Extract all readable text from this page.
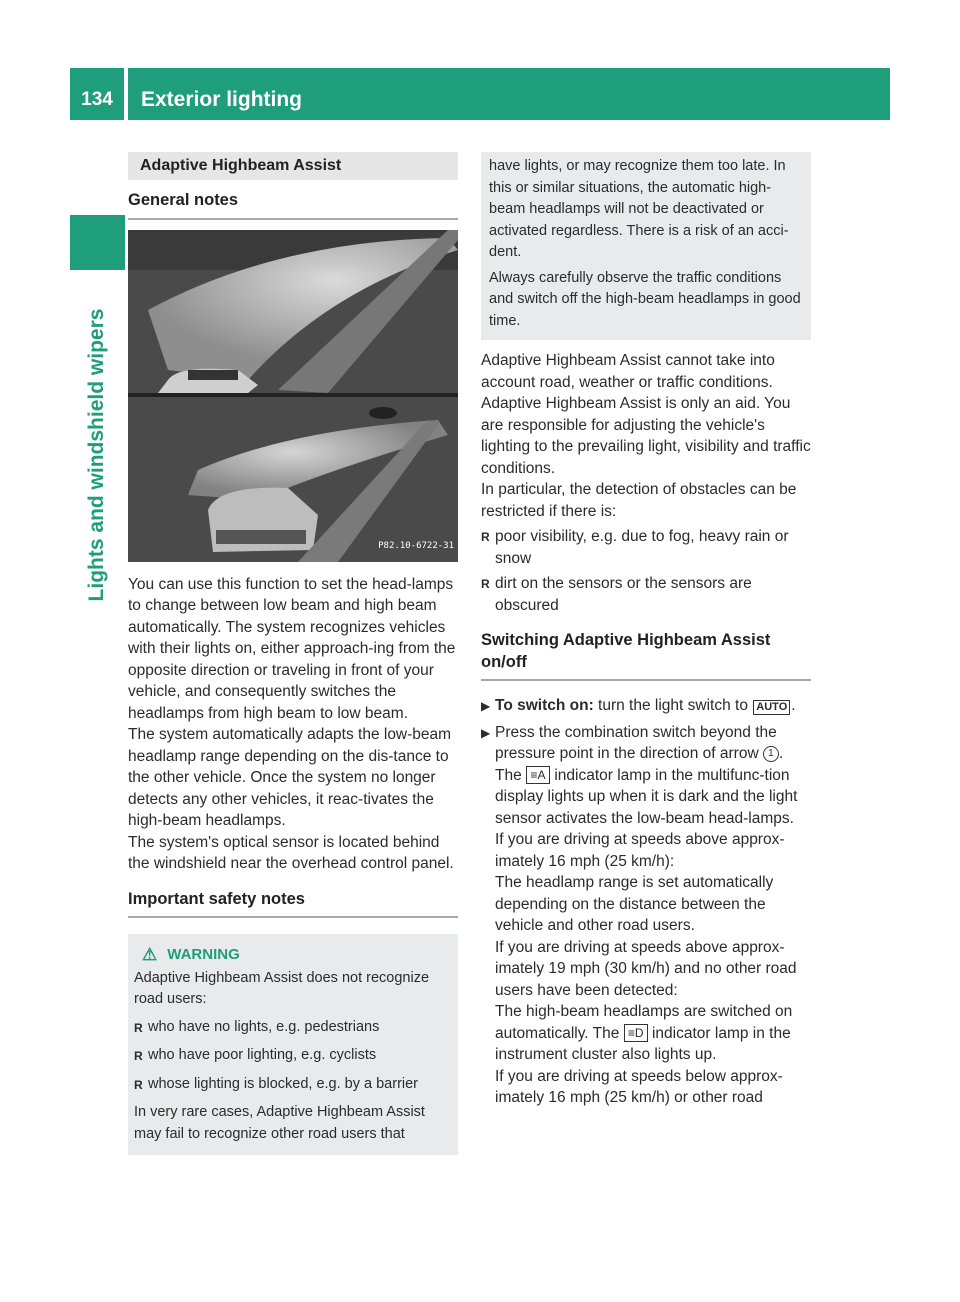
134 Exterior lighting
Lights and windshield wipers
Adaptive Highbeam Assist
General notes
P82.10-6722-31

You can use this function to set the head-lamps to change between low beam and high beam automatically. The system recognizes vehicles with their lights on, either approach-ing from the opposite direction or traveling in front of your vehicle, and consequently switches the headlamps from high beam to low beam.

The system automatically adapts the low-beam headlamp range depending on the dis-tance to the other vehicle. Once the system no longer detects any other vehicles, it reac-tivates the high-beam headlamps.

The system's optical sensor is located behind the windshield near the overhead control panel.

Important safety notes
⚠ WARNING

Adaptive Highbeam Assist does not recognize road users:

R who have no lights, e.g. pedestrians
R who have poor lighting, e.g. cyclists
R whose lighting is blocked, e.g. by a barrier

In very rare cases, Adaptive Highbeam Assist may fail to recognize other road users that

have lights, or may recognize them too late. In this or similar situations, the automatic high-beam headlamps will not be deactivated or activated regardless. There is a risk of an acci-dent.

Always carefully observe the traffic conditions and switch off the high-beam headlamps in good time.

Adaptive Highbeam Assist cannot take into account road, weather or traffic conditions. Adaptive Highbeam Assist is only an aid. You are responsible for adjusting the vehicle's lighting to the prevailing light, visibility and traffic conditions.

In particular, the detection of obstacles can be restricted if there is:

R poor visibility, e.g. due to fog, heavy rain or snow
R dirt on the sensors or the sensors are obscured
Switching Adaptive Highbeam Assist on/off
▶ To switch on: turn the light switch to AUTO .
▶ Press the combination switch beyond the pressure point in the direction of arrow 1 .
The ≡A indicator lamp in the multifunc-tion display lights up when it is dark and the light sensor activates the low-beam head-lamps.
If you are driving at speeds above approx-imately 16 mph (25 km/h):
The headlamp range is set automatically depending on the distance between the vehicle and other road users.
If you are driving at speeds above approx-imately 19 mph (30 km/h) and no other road users have been detected:
The high-beam headlamps are switched on automatically. The ≡D indicator lamp in the instrument cluster also lights up.
If you are driving at speeds below approx-imately 16 mph (25 km/h) or other road
